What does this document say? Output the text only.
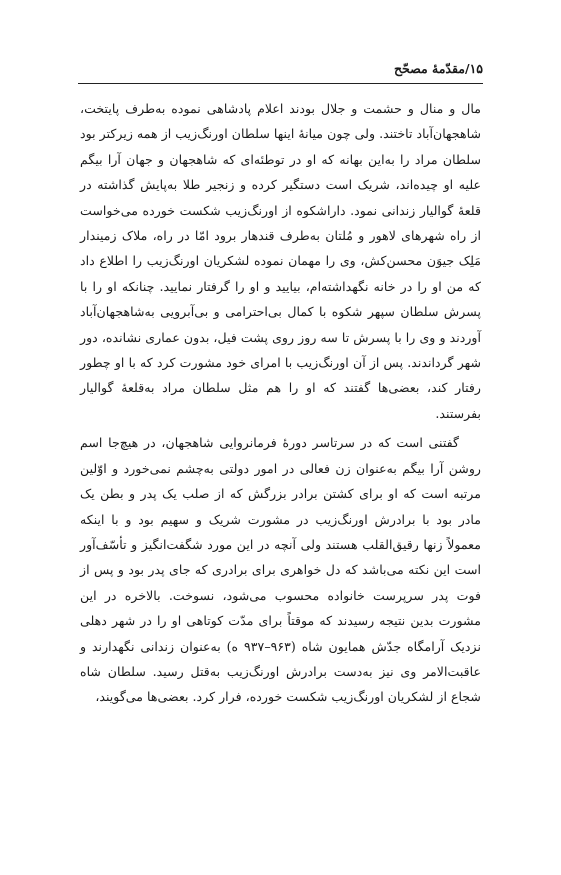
۱۵/مقدّمهٔ مصحّح

مال و منال و حشمت و جلال بودند اعلام پادشاهی نموده به‌طرف پایتخت، شاهجهان‌آباد تاختند. ولی چون میانهٔ اینها سلطان اورنگ‌زیب از همه زیرکتر بود سلطان مراد را به‌این بهانه که او در توطئه‌ای که شاهجهان و جهان آرا بیگم علیه او چیده‌اند، شریک است دستگیر کرده و زنجیر طلا به‌پایش گذاشته در قلعهٔ گوالیار زندانی نمود. داراشکوه از اورنگ‌زیب شکست خورده می‌خواست از راه شهرهای لاهور و مُلتان به‌طرف قندهار برود امّا در راه، ملاک زمیندار مَلِک جیوَن محسن‌کش، وی را مهمان نموده لشکریان اورنگ‌زیب را اطلاع داد که من او را در خانه نگهداشته‌ام، بیایید و او را گرفتار نمایید. چنانکه او را با پسرش سلطان سپهر شکوه با کمال بی‌احترامی و بی‌آبرویی به‌شاهجهان‌آباد آوردند و وی را با پسرش تا سه روز روی پشت فیل، بدون عماری نشانده، دور شهر گرداندند. پس از آن اورنگ‌زیب با امرای خود مشورت کرد که با او چطور رفتار کند، بعضی‌ها گفتند که او را هم مثل سلطان مراد به‌قلعهٔ گوالیار بفرستند.

گفتنی است که در سرتاسر دورهٔ فرمانروایی شاهجهان، در هیچ‌جا اسم روشن آرا بیگم به‌عنوان زن فعالی در امور دولتی به‌چشم نمی‌خورد و اوّلین مرتبه است که او برای کشتن برادر بزرگش که از صلب یک پدر و بطن یک مادر بود با برادرش اورنگ‌زیب در مشورت شریک و سهیم بود و با اینکه معمولاً زنها رقیق‌القلب هستند ولی آنچه در این مورد شگفت‌انگیز و تأسّف‌آور است این نکته می‌باشد که دل خواهری برای برادری که جای پدر بود و پس از فوت پدر سرپرست خانواده محسوب می‌شود، نسوخت. بالاخره در این مشورت بدین نتیجه رسیدند که موقتاً برای مدّت کوتاهی او را در شهر دهلی نزدیک آرامگاه جدّش همایون شاه (۹۶۳–۹۳۷ ه) به‌عنوان زندانی نگهدارند و عاقبت‌الامر وی نیز به‌دست برادرش اورنگ‌زیب به‌قتل رسید. سلطان شاه شجاع از لشکریان اورنگ‌زیب شکست خورده، فرار کرد. بعضی‌ها می‌گویند،
